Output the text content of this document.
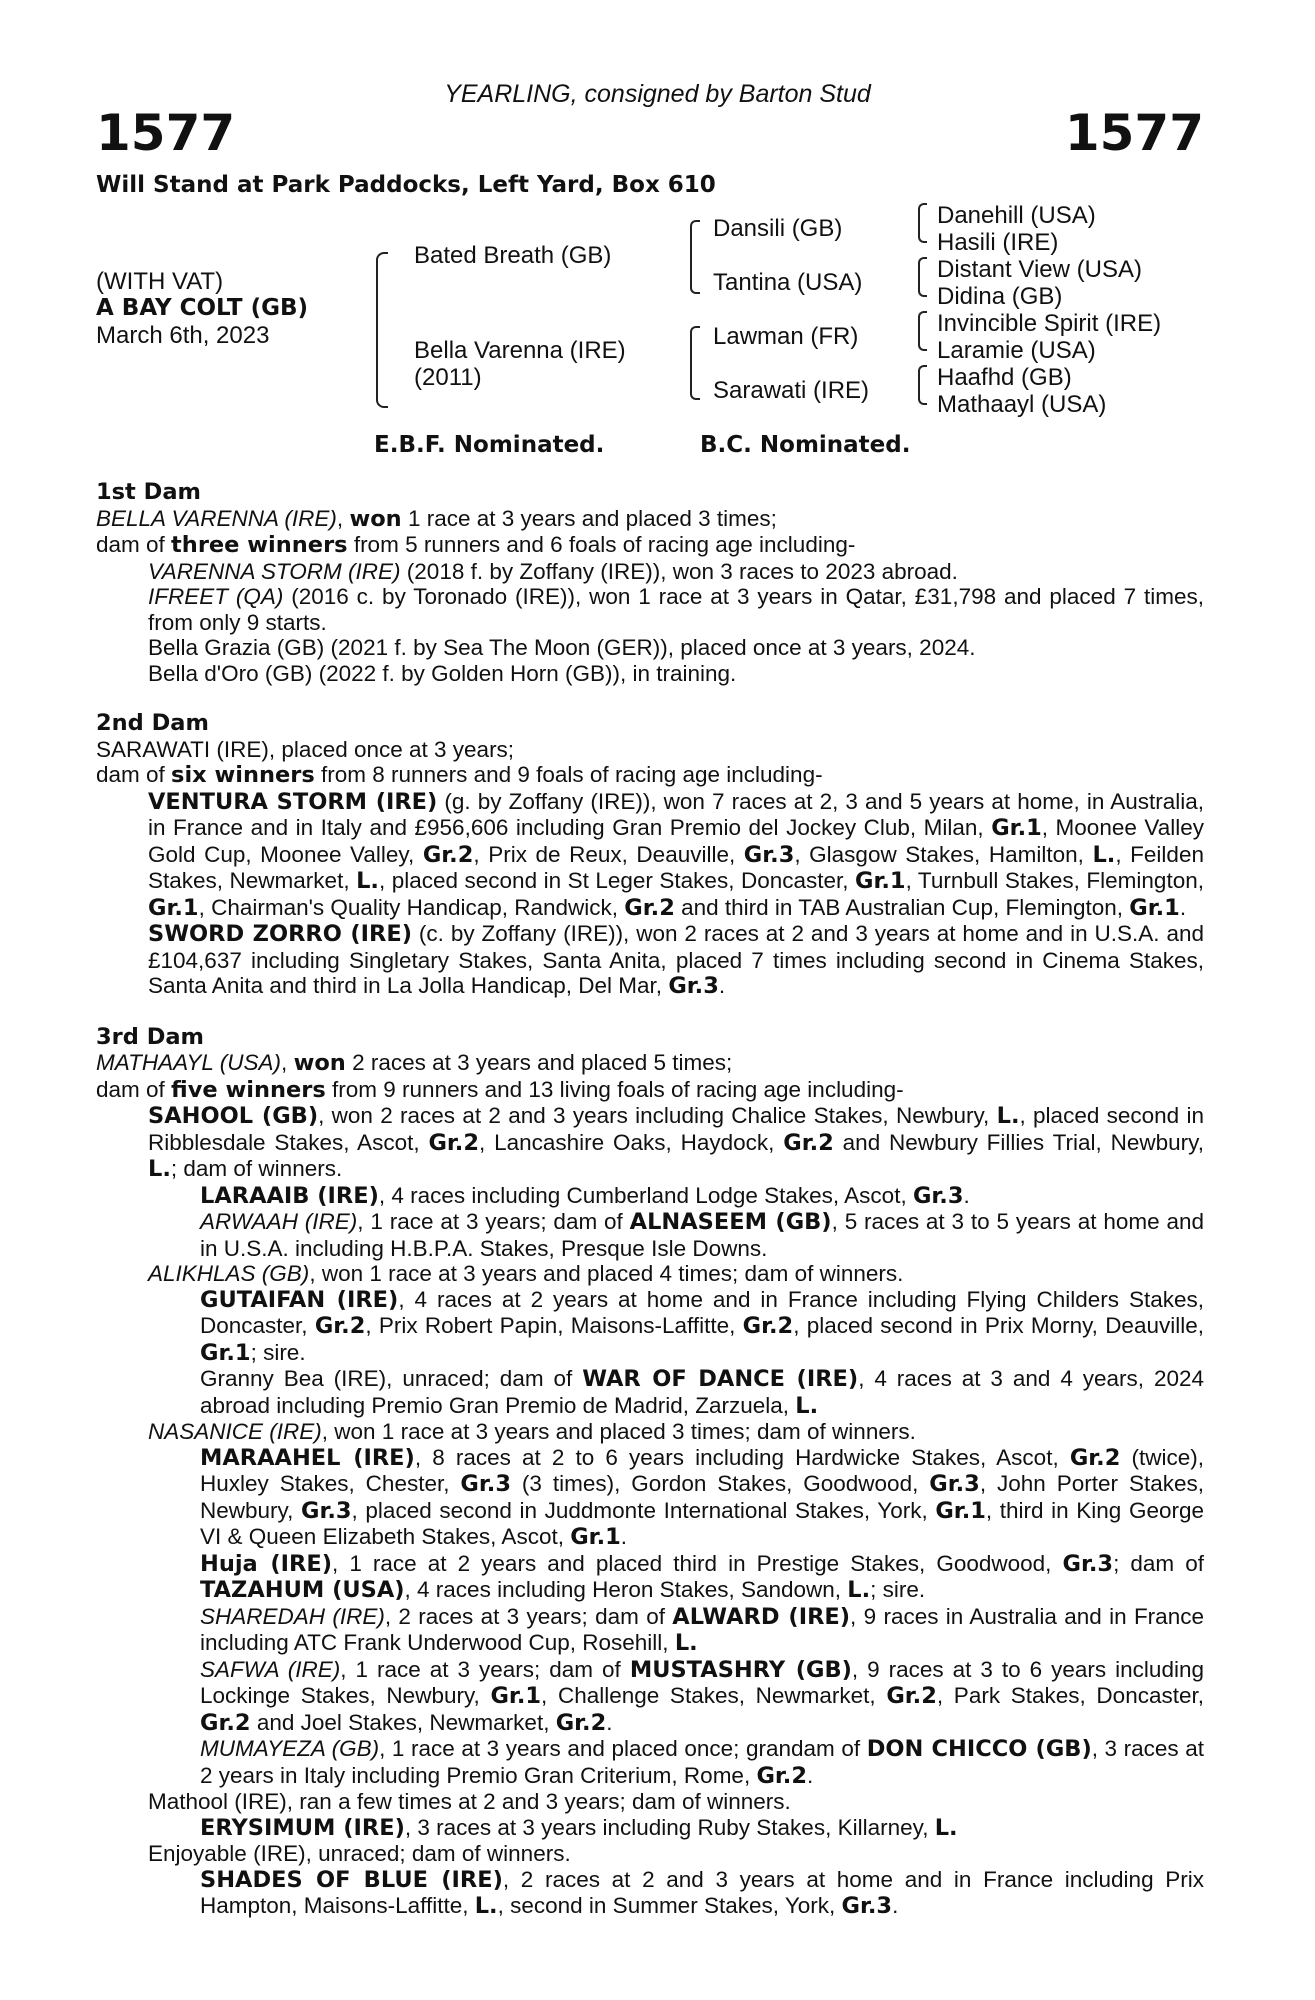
YEARLING, consigned by Barton Stud
1577	1577
Will Stand at Park Paddocks, Left Yard, Box 610
(WITH VAT)
A BAY COLT (GB)
March 6th, 2023
Bated Breath (GB)
Bella Varenna (IRE)
(2011)
Dansili (GB)
Tantina (USA)
Lawman (FR)
Sarawati (IRE)
Danehill (USA)
Hasili (IRE)
Distant View (USA)
Didina (GB)
Invincible Spirit (IRE)
Laramie (USA)
Haafhd (GB)
Mathaayl (USA)
E.B.F. Nominated.	B.C. Nominated.
1st Dam

BELLA VARENNA (IRE), won 1 race at 3 years and placed 3 times;

dam of three winners from 5 runners and 6 foals of racing age including-

VARENNA STORM (IRE) (2018 f. by Zoffany (IRE)), won 3 races to 2023 abroad.

IFREET (QA) (2016 c. by Toronado (IRE)), won 1 race at 3 years in Qatar, £31,798 and placed 7 times, from only 9 starts.

Bella Grazia (GB) (2021 f. by Sea The Moon (GER)), placed once at 3 years, 2024.

Bella d'Oro (GB) (2022 f. by Golden Horn (GB)), in training.

2nd Dam

SARAWATI (IRE), placed once at 3 years;

dam of six winners from 8 runners and 9 foals of racing age including-

VENTURA STORM (IRE) (g. by Zoffany (IRE)), won 7 races at 2, 3 and 5 years at home, in Australia, in France and in Italy and £956,606 including Gran Premio del Jockey Club, Milan, Gr.1, Moonee Valley Gold Cup, Moonee Valley, Gr.2, Prix de Reux, Deauville, Gr.3, Glasgow Stakes, Hamilton, L., Feilden Stakes, Newmarket, L., placed second in St Leger Stakes, Doncaster, Gr.1, Turnbull Stakes, Flemington, Gr.1, Chairman's Quality Handicap, Randwick, Gr.2 and third in TAB Australian Cup, Flemington, Gr.1.

SWORD ZORRO (IRE) (c. by Zoffany (IRE)), won 2 races at 2 and 3 years at home and in U.S.A. and £104,637 including Singletary Stakes, Santa Anita, placed 7 times including second in Cinema Stakes, Santa Anita and third in La Jolla Handicap, Del Mar, Gr.3.

3rd Dam

MATHAAYL (USA), won 2 races at 3 years and placed 5 times;

dam of five winners from 9 runners and 13 living foals of racing age including-

SAHOOL (GB), won 2 races at 2 and 3 years including Chalice Stakes, Newbury, L., placed second in Ribblesdale Stakes, Ascot, Gr.2, Lancashire Oaks, Haydock, Gr.2 and Newbury Fillies Trial, Newbury, L.; dam of winners.

LARAAIB (IRE), 4 races including Cumberland Lodge Stakes, Ascot, Gr.3.

ARWAAH (IRE), 1 race at 3 years; dam of ALNASEEM (GB), 5 races at 3 to 5 years at home and in U.S.A. including H.B.P.A. Stakes, Presque Isle Downs.

ALIKHLAS (GB), won 1 race at 3 years and placed 4 times; dam of winners.

GUTAIFAN (IRE), 4 races at 2 years at home and in France including Flying Childers Stakes, Doncaster, Gr.2, Prix Robert Papin, Maisons-Laffitte, Gr.2, placed second in Prix Morny, Deauville, Gr.1; sire.

Granny Bea (IRE), unraced; dam of WAR OF DANCE (IRE), 4 races at 3 and 4 years, 2024 abroad including Premio Gran Premio de Madrid, Zarzuela, L.

NASANICE (IRE), won 1 race at 3 years and placed 3 times; dam of winners.

MARAAHEL (IRE), 8 races at 2 to 6 years including Hardwicke Stakes, Ascot, Gr.2 (twice), Huxley Stakes, Chester, Gr.3 (3 times), Gordon Stakes, Goodwood, Gr.3, John Porter Stakes, Newbury, Gr.3, placed second in Juddmonte International Stakes, York, Gr.1, third in King George VI & Queen Elizabeth Stakes, Ascot, Gr.1.

Huja (IRE), 1 race at 2 years and placed third in Prestige Stakes, Goodwood, Gr.3; dam of TAZAHUM (USA), 4 races including Heron Stakes, Sandown, L.; sire.

SHAREDAH (IRE), 2 races at 3 years; dam of ALWARD (IRE), 9 races in Australia and in France including ATC Frank Underwood Cup, Rosehill, L.

SAFWA (IRE), 1 race at 3 years; dam of MUSTASHRY (GB), 9 races at 3 to 6 years including Lockinge Stakes, Newbury, Gr.1, Challenge Stakes, Newmarket, Gr.2, Park Stakes, Doncaster, Gr.2 and Joel Stakes, Newmarket, Gr.2.

MUMAYEZA (GB), 1 race at 3 years and placed once; grandam of DON CHICCO (GB), 3 races at 2 years in Italy including Premio Gran Criterium, Rome, Gr.2.

Mathool (IRE), ran a few times at 2 and 3 years; dam of winners.

ERYSIMUM (IRE), 3 races at 3 years including Ruby Stakes, Killarney, L.

Enjoyable (IRE), unraced; dam of winners.

SHADES OF BLUE (IRE), 2 races at 2 and 3 years at home and in France including Prix Hampton, Maisons-Laffitte, L., second in Summer Stakes, York, Gr.3.
